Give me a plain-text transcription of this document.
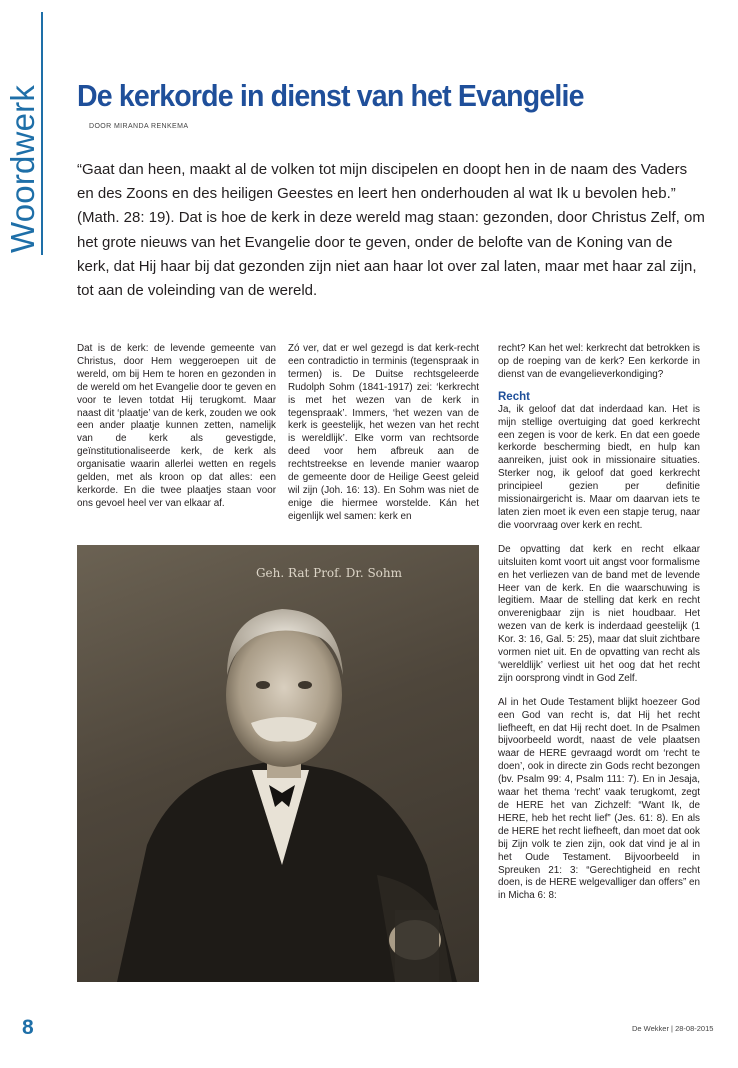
Woordwerk De kerkorde in dienst van het Evangelie
DOOR MIRANDA RENKEMA

“Gaat dan heen, maakt al de volken tot mijn discipelen en doopt hen in de naam des Vaders en des Zoons en des heiligen Geestes en leert hen onderhouden al wat Ik u bevolen heb.” (Math. 28: 19). Dat is hoe de kerk in deze wereld mag staan: gezonden, door Christus Zelf, om het grote nieuws van het Evangelie door te geven, onder de belofte van de Koning van de kerk, dat Hij haar bij dat gezonden zijn niet aan haar lot over zal laten, maar met haar zal zijn, tot aan de voleinding van de wereld.

Dat is de kerk: de levende gemeente van Christus, door Hem weggeroepen uit de wereld, om bij Hem te horen en gezonden in de wereld om het Evangelie door te geven en voor te leven totdat Hij terugkomt. Maar naast dit ‘plaatje’ van de kerk, zouden we ook een ander plaatje kunnen zetten, namelijk van de kerk als gevestigde, geïnstitutionaliseerde kerk, de kerk als organisatie waarin allerlei wetten en regels gelden, met als kroon op dat alles: een kerkorde. En die twee plaatjes staan voor ons gevoel heel ver van elkaar af.

Zó ver, dat er wel gezegd is dat kerk-recht een contradictio in terminis (tegenspraak in termen) is. De Duitse rechtsgeleerde Rudolph Sohm (1841-1917) zei: ‘kerkrecht is met het wezen van de kerk in tegenspraak’. Immers, ‘het wezen van de kerk is geestelijk, het wezen van het recht is wereldlijk’. Elke vorm van rechtsorde deed voor hem afbreuk aan de rechtstreekse en levende manier waarop de gemeente door de Heilige Geest geleid wil zijn (Joh. 16: 13). En Sohm was niet de enige die hiermee worstelde. Kán het eigenlijk wel samen: kerk en

recht? Kan het wel: kerkrecht dat betrokken is op de roeping van de kerk? Een kerkorde in dienst van de evangelieverkondiging?

Recht

Ja, ik geloof dat dat inderdaad kan. Het is mijn stellige overtuiging dat goed kerkrecht een zegen is voor de kerk. En dat een goede kerkorde bescherming biedt, en hulp kan aanreiken, juist ook in missionaire situaties. Sterker nog, ik geloof dat goed kerkrecht principieel gezien per definitie missionairgericht is. Maar om daarvan iets te laten zien moet ik even een stapje terug, naar die voorvraag over kerk en recht.

De opvatting dat kerk en recht elkaar uitsluiten komt voort uit angst voor formalisme en het verliezen van de band met de levende Heer van de kerk. En die waarschuwing is legitiem. Maar de stelling dat kerk en recht onverenigbaar zijn is niet houdbaar. Het wezen van de kerk is inderdaad geestelijk (1 Kor. 3: 16, Gal. 5: 25), maar dat sluit zichtbare vormen niet uit. En de opvatting van recht als ‘wereldlijk’ verliest uit het oog dat het recht zijn oorsprong vindt in God Zelf.

Al in het Oude Testament blijkt hoezeer God een God van recht is, dat Hij het recht liefheeft, en dat Hij recht doet. In de Psalmen bijvoorbeeld wordt, naast de vele plaatsen waar de HERE gevraagd wordt om ‘recht te doen’, ook in directe zin Gods recht bezongen (bv. Psalm 99: 4, Psalm 111: 7). En in Jesaja, waar het thema ‘recht’ vaak terugkomt, zegt de HERE het van Zichzelf: “Want Ik, de HERE, heb het recht lief” (Jes. 61: 8). En als de HERE het recht liefheeft, dan moet dat ook bij Zijn volk te zien zijn, ook dat vind je al in het Oude Testament. Bijvoorbeeld in Spreuken 21: 3: “Gerechtigheid en recht doen, is de HERE welgevalliger dan offers” en in Micha 6: 8:

Geh. Rat Prof. Dr. Sohm
8	De Wekker | 28-08-2015
